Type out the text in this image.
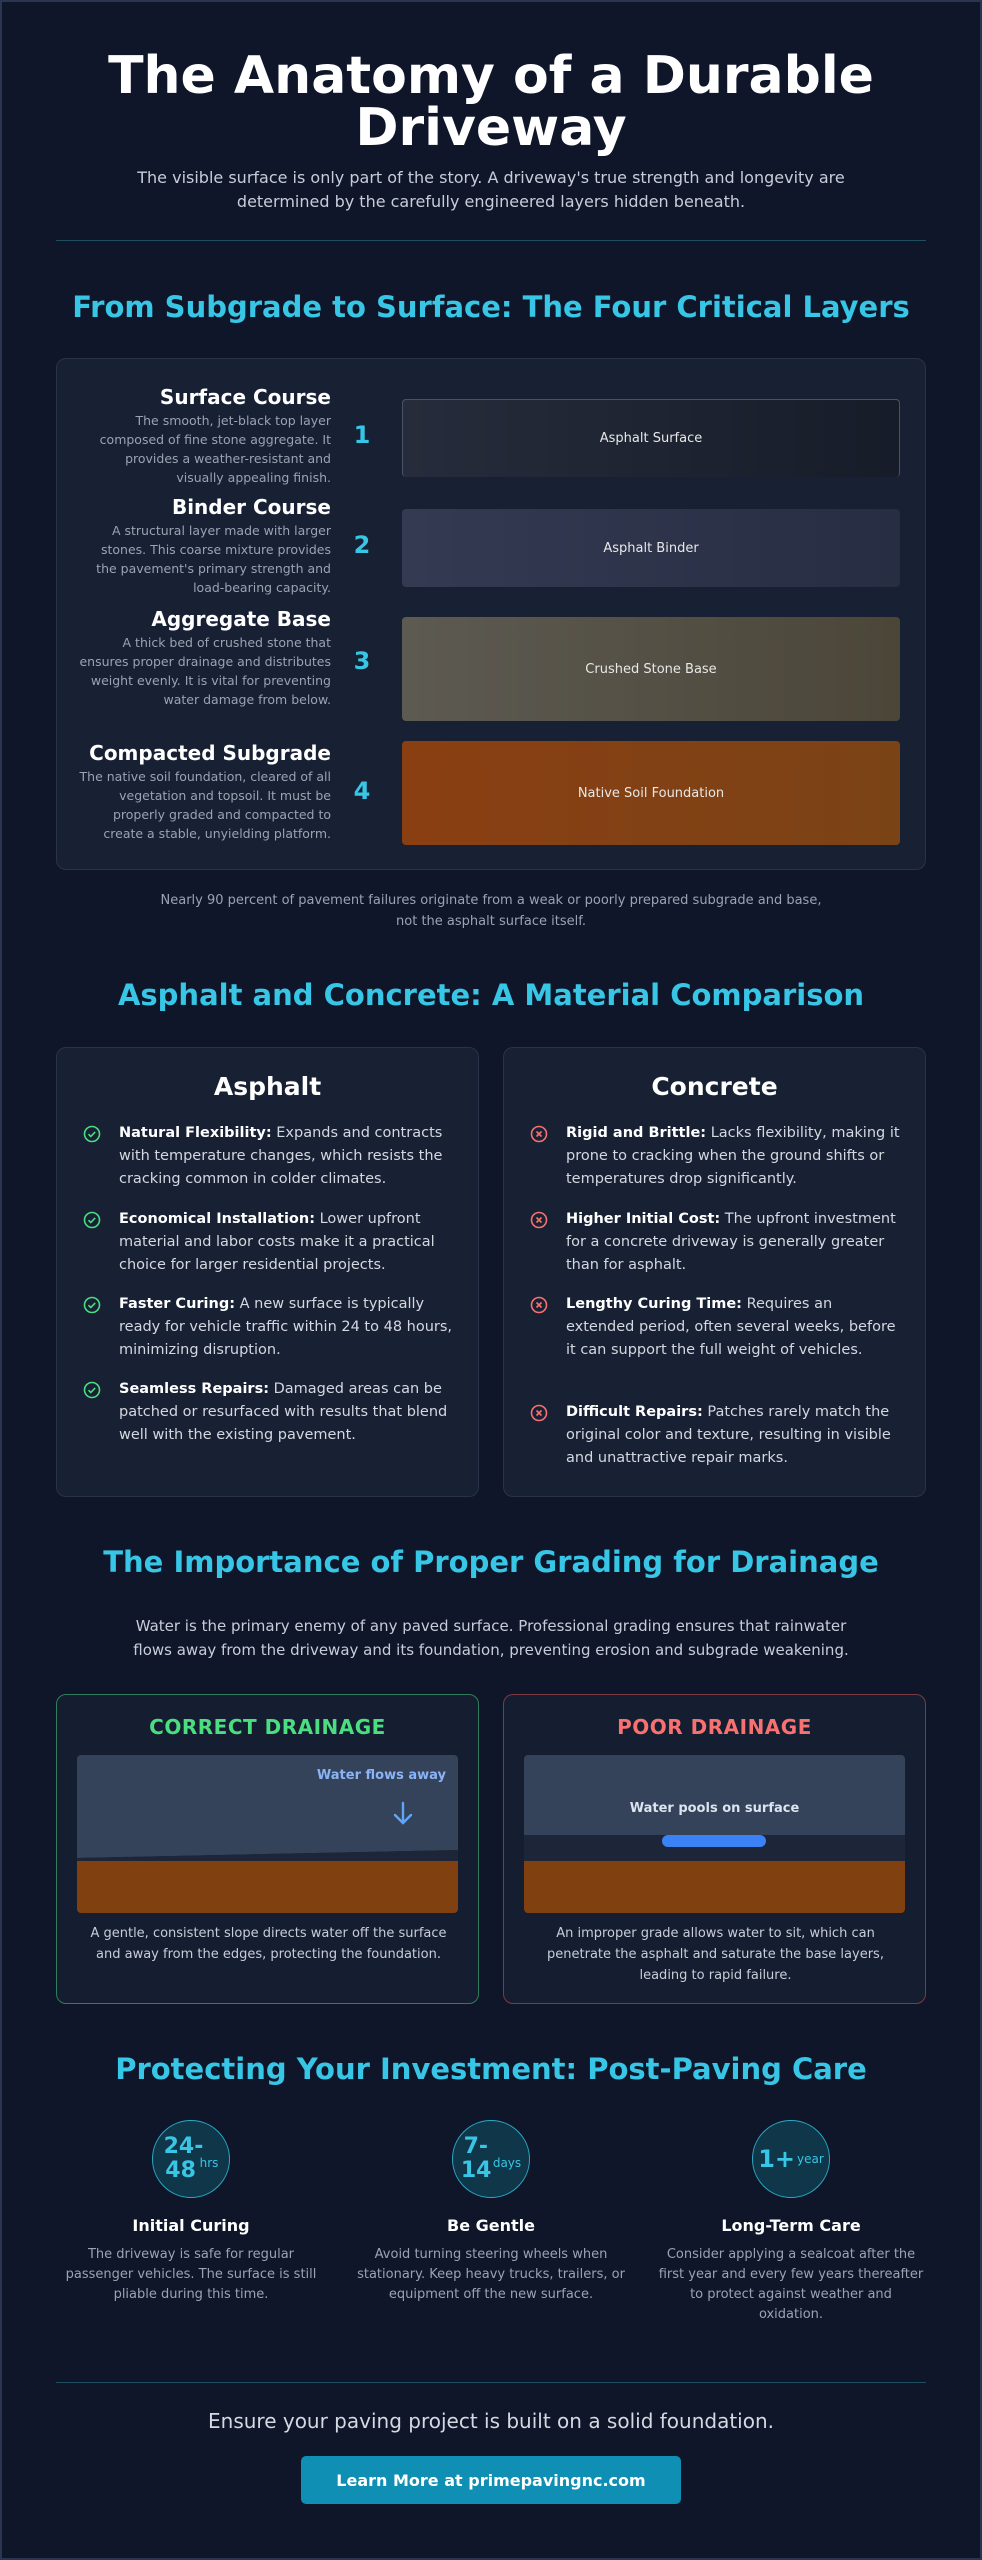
The Anatomy of a Durable Driveway

The visible surface is only part of the story. A driveway's true strength and longevity are determined by the carefully engineered layers hidden beneath.

From Subgrade to Surface: The Four Critical Layers
Surface Course
The smooth, jet-black top layer composed of fine stone aggregate. It provides a weather-resistant and visually appealing finish.
1	Asphalt Surface
Binder Course
A structural layer made with larger stones. This coarse mixture provides the pavement's primary strength and load-bearing capacity.
2	Asphalt Binder
Aggregate Base
A thick bed of crushed stone that ensures proper drainage and distributes weight evenly. It is vital for preventing water damage from below.
3	Crushed Stone Base
Compacted Subgrade
The native soil foundation, cleared of all vegetation and topsoil. It must be properly graded and compacted to create a stable, unyielding platform.
4	Native Soil Foundation

Nearly 90 percent of pavement failures originate from a weak or poorly prepared subgrade and base, not the asphalt surface itself.

Asphalt and Concrete: A Material Comparison
Asphalt
Natural Flexibility: Expands and contracts with temperature changes, which resists the cracking common in colder climates.
Economical Installation: Lower upfront material and labor costs make it a practical choice for larger residential projects.
Faster Curing: A new surface is typically ready for vehicle traffic within 24 to 48 hours, minimizing disruption.
Seamless Repairs: Damaged areas can be patched or resurfaced with results that blend well with the existing pavement.
Concrete
Rigid and Brittle: Lacks flexibility, making it prone to cracking when the ground shifts or temperatures drop significantly.
Higher Initial Cost: The upfront investment for a concrete driveway is generally greater than for asphalt.
Lengthy Curing Time: Requires an extended period, often several weeks, before it can support the full weight of vehicles.
Difficult Repairs: Patches rarely match the original color and texture, resulting in visible and unattractive repair marks.
The Importance of Proper Grading for Drainage

Water is the primary enemy of any paved surface. Professional grading ensures that rainwater flows away from the driveway and its foundation, preventing erosion and subgrade weakening.

CORRECT DRAINAGE
Water flows away
A gentle, consistent slope directs water off the surface and away from the edges, protecting the foundation.
POOR DRAINAGE
Water pools on surface
An improper grade allows water to sit, which can penetrate the asphalt and saturate the base layers, leading to rapid failure.
Protecting Your Investment: Post-Paving Care
24-48 hrs
Initial Curing
The driveway is safe for regular passenger vehicles. The surface is still pliable during this time.
7-14 days
Be Gentle
Avoid turning steering wheels when stationary. Keep heavy trucks, trailers, or equipment off the new surface.
1+ year
Long-Term Care
Consider applying a sealcoat after the first year and every few years thereafter to protect against weather and oxidation.

Ensure your paving project is built on a solid foundation.

Learn More at primepavingnc.com
